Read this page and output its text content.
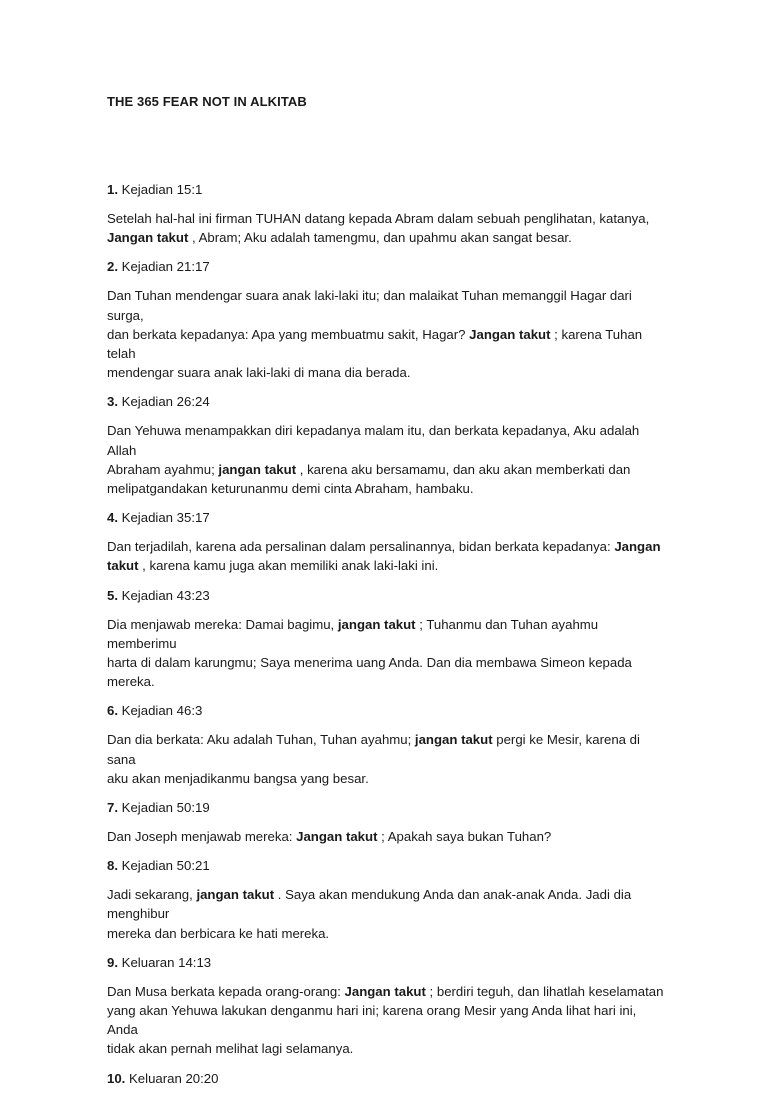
THE 365 FEAR NOT IN ALKITAB

1. Kejadian 15:1

Setelah hal-hal ini firman TUHAN datang kepada Abram dalam sebuah penglihatan, katanya,
Jangan takut , Abram; Aku adalah tamengmu, dan upahmu akan sangat besar.

2. Kejadian 21:17

Dan Tuhan mendengar suara anak laki-laki itu; dan malaikat Tuhan memanggil Hagar dari surga,
dan berkata kepadanya: Apa yang membuatmu sakit, Hagar? Jangan takut ; karena Tuhan telah
mendengar suara anak laki-laki di mana dia berada.

3. Kejadian 26:24

Dan Yehuwa menampakkan diri kepadanya malam itu, dan berkata kepadanya, Aku adalah Allah
Abraham ayahmu; jangan takut , karena aku bersamamu, dan aku akan memberkati dan
melipatgandakan keturunanmu demi cinta Abraham, hambaku.

4. Kejadian 35:17

Dan terjadilah, karena ada persalinan dalam persalinannya, bidan berkata kepadanya: Jangan
takut , karena kamu juga akan memiliki anak laki-laki ini.

5. Kejadian 43:23

Dia menjawab mereka: Damai bagimu, jangan takut ; Tuhanmu dan Tuhan ayahmu memberimu
harta di dalam karungmu; Saya menerima uang Anda. Dan dia membawa Simeon kepada mereka.

6. Kejadian 46:3

Dan dia berkata: Aku adalah Tuhan, Tuhan ayahmu; jangan takut pergi ke Mesir, karena di sana
aku akan menjadikanmu bangsa yang besar.

7. Kejadian 50:19

Dan Joseph menjawab mereka: Jangan takut ; Apakah saya bukan Tuhan?

8. Kejadian 50:21

Jadi sekarang, jangan takut . Saya akan mendukung Anda dan anak-anak Anda. Jadi dia menghibur
mereka dan berbicara ke hati mereka.

9. Keluaran 14:13

Dan Musa berkata kepada orang-orang: Jangan takut ; berdiri teguh, dan lihatlah keselamatan
yang akan Yehuwa lakukan denganmu hari ini; karena orang Mesir yang Anda lihat hari ini, Anda
tidak akan pernah melihat lagi selamanya.

10. Keluaran 20:20
